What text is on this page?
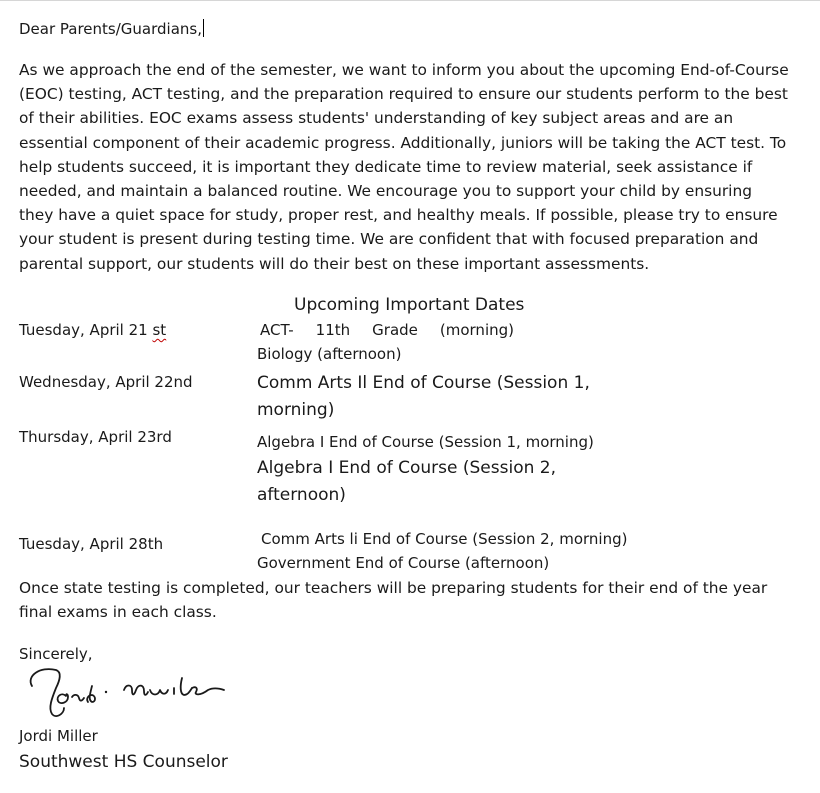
Dear Parents/Guardians,

As we approach the end of the semester, we want to inform you about the upcoming End-of-Course (EOC) testing, ACT testing, and the preparation required to ensure our students perform to the best of their abilities. EOC exams assess students' understanding of key subject areas and are an essential component of their academic progress. Additionally, juniors will be taking the ACT test. To help students succeed, it is important they dedicate time to review material, seek assistance if needed, and maintain a balanced routine. We encourage you to support your child by ensuring they have a quiet space for study, proper rest, and healthy meals. If possible, please try to ensure your student is present during testing time. We are confident that with focused preparation and parental support, our students will do their best on these important assessments.

Upcoming Important Dates
Tuesday, April 21 st	ACT- 11th Grade (morning)
Biology (afternoon)
Wednesday, April 22nd	Comm Arts Il End of Course (Session 1,
morning)
Thursday, April 23rd	Algebra I End of Course (Session 1, morning)
Algebra I End of Course (Session 2,
afternoon)
Tuesday, April 28th	Comm Arts li End of Course (Session 2, morning)
Government End of Course (afternoon)

Once state testing is completed, our teachers will be preparing students for their end of the year final exams in each class.

Sincerely,
Jordi Miller
Southwest HS Counselor
